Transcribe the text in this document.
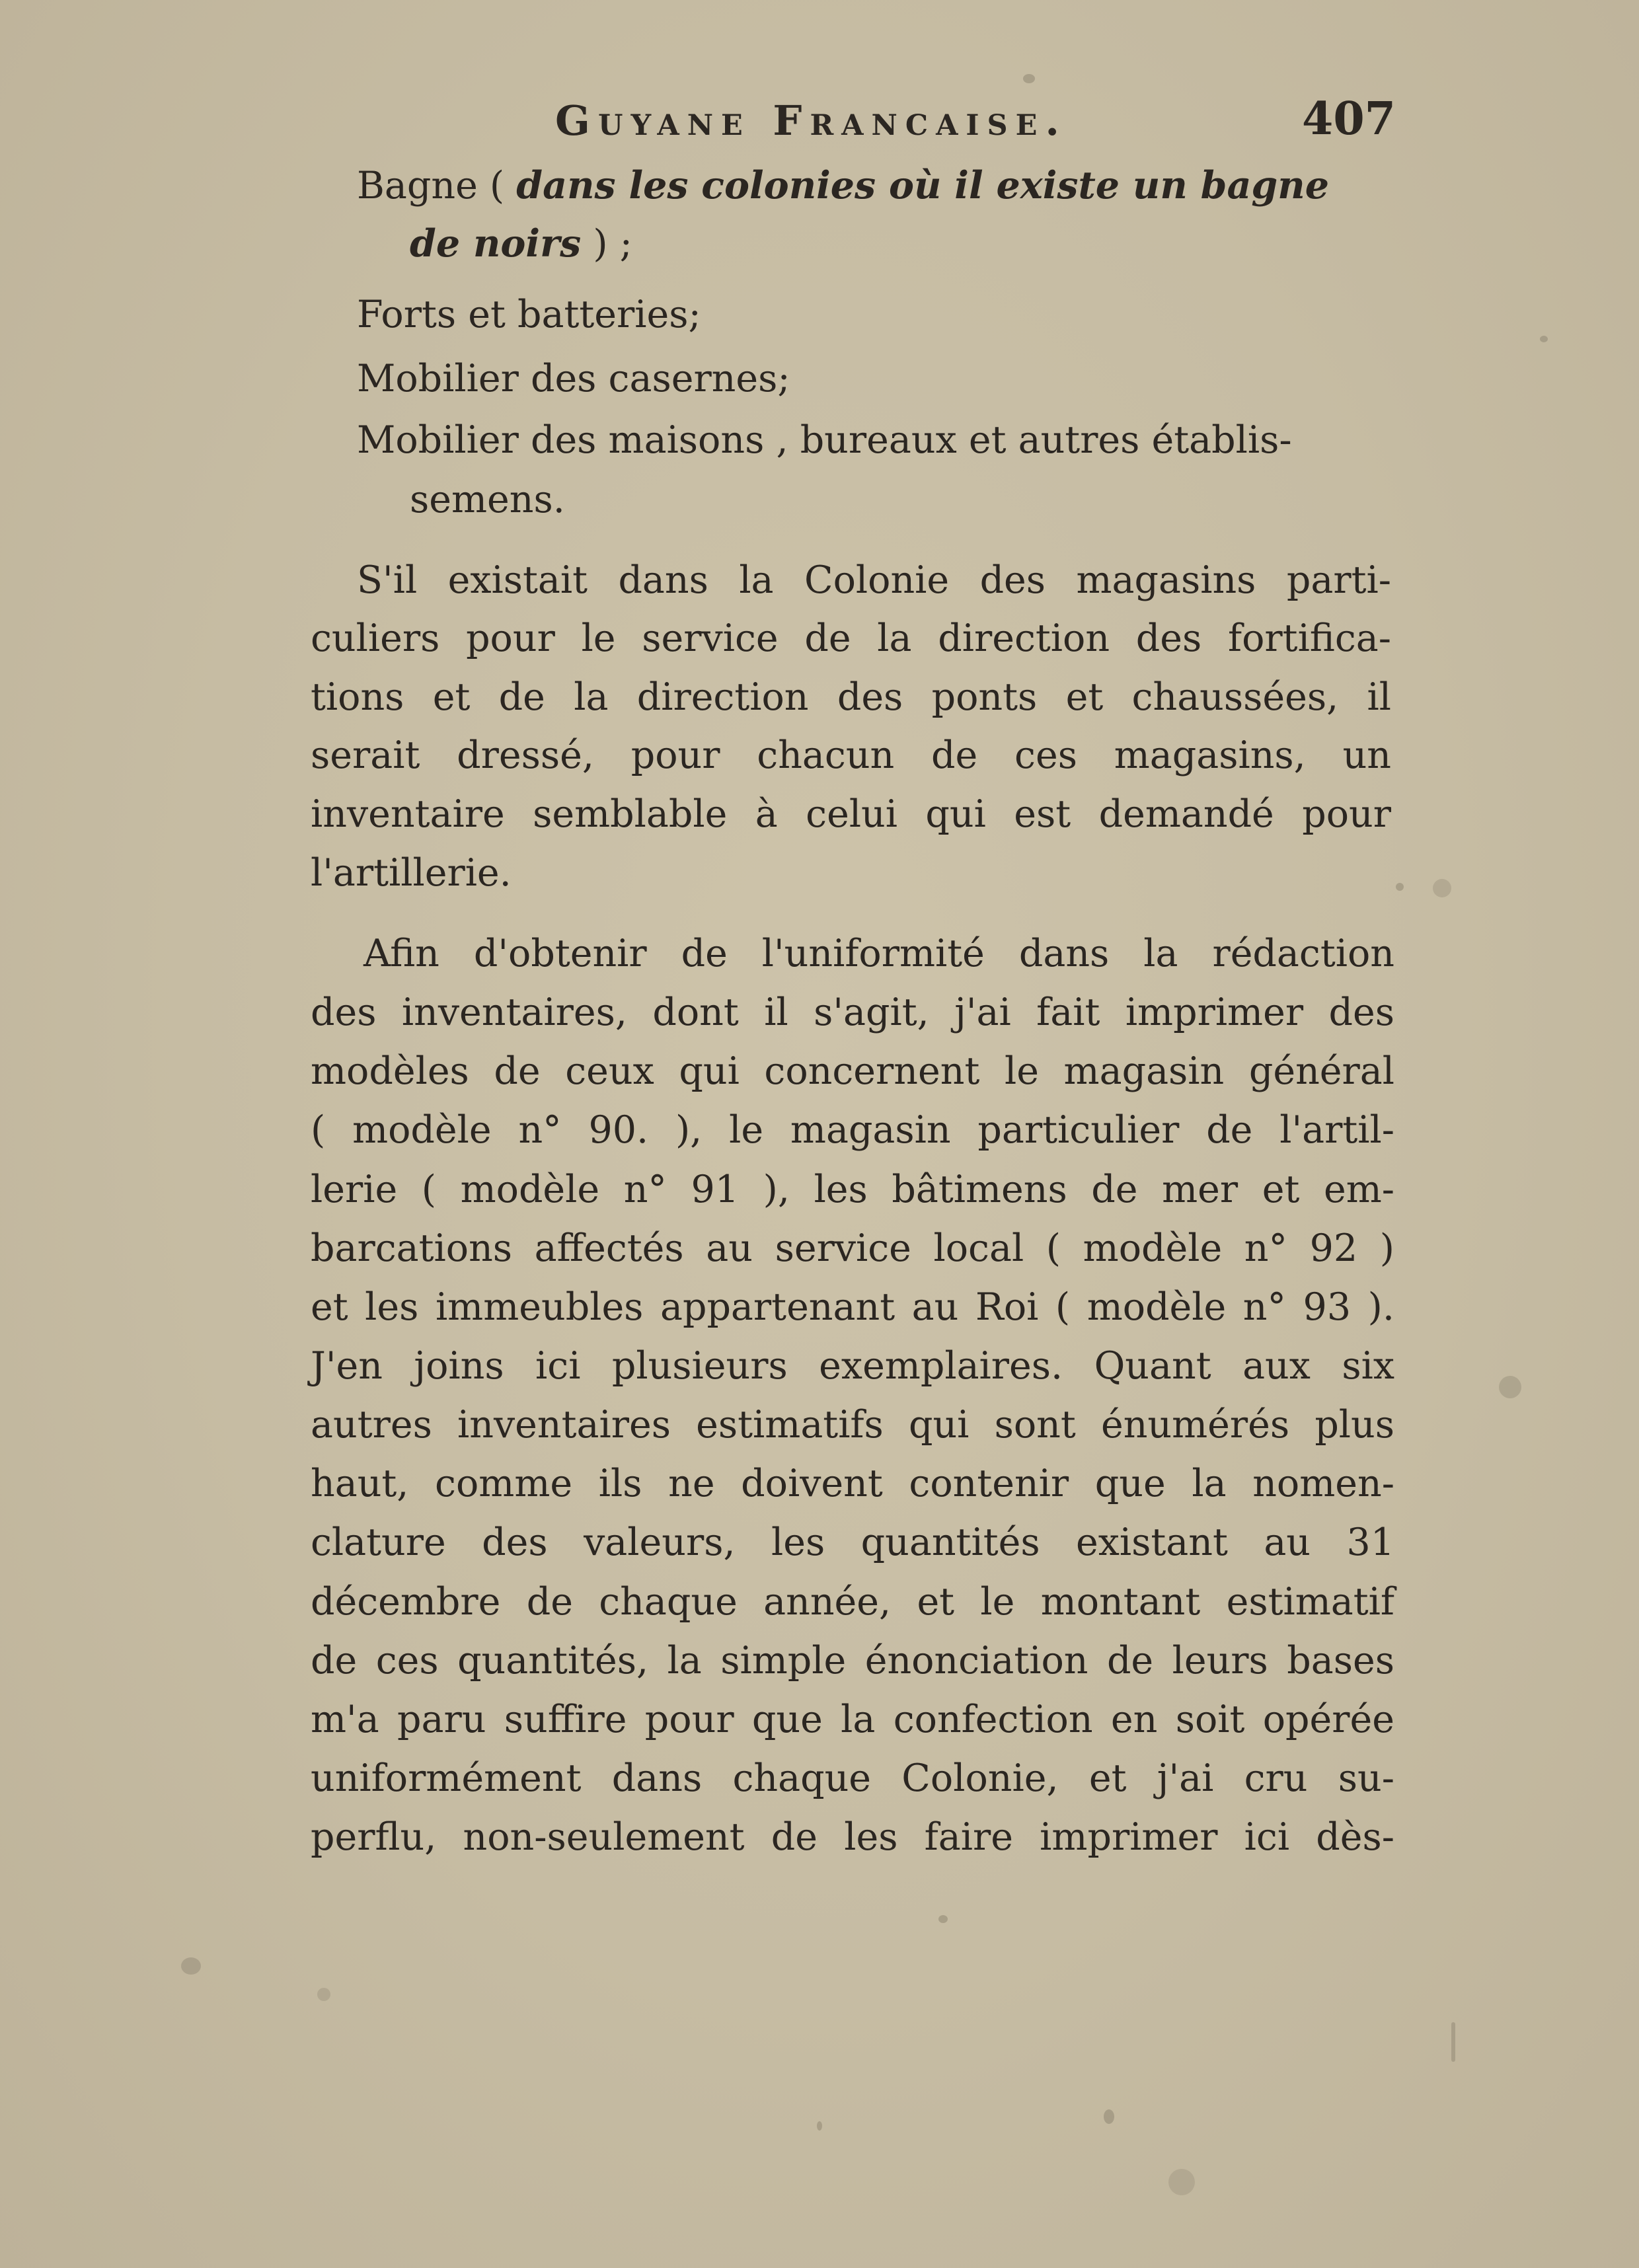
Guyane Francaise.	407
Bagne ( dans les colonies où il existe un bagne
de noirs ) ;
Forts et batteries;
Mobilier des casernes;
Mobilier des maisons , bureaux et autres établis-
semens.
S'il existait dans la Colonie des magasins parti-
culiers pour le service de la direction des fortifica-
tions et de la direction des ponts et chaussées, il
serait dressé, pour chacun de ces magasins, un
inventaire semblable à celui qui est demandé pour
l'artillerie.
Afin d'obtenir de l'uniformité dans la rédaction
des inventaires, dont il s'agit, j'ai fait imprimer des
modèles de ceux qui concernent le magasin général
( modèle n° 90. ), le magasin particulier de l'artil-
lerie ( modèle n° 91 ), les bâtimens de mer et em-
barcations affectés au service local ( modèle n° 92 )
et les immeubles appartenant au Roi ( modèle n° 93 ).
J'en joins ici plusieurs exemplaires. Quant aux six
autres inventaires estimatifs qui sont énumérés plus
haut, comme ils ne doivent contenir que la nomen-
clature des valeurs, les quantités existant au 31
décembre de chaque année, et le montant estimatif
de ces quantités, la simple énonciation de leurs bases
m'a paru suffire pour que la confection en soit opérée
uniformément dans chaque Colonie, et j'ai cru su-
perflu, non-seulement de les faire imprimer ici dès-
